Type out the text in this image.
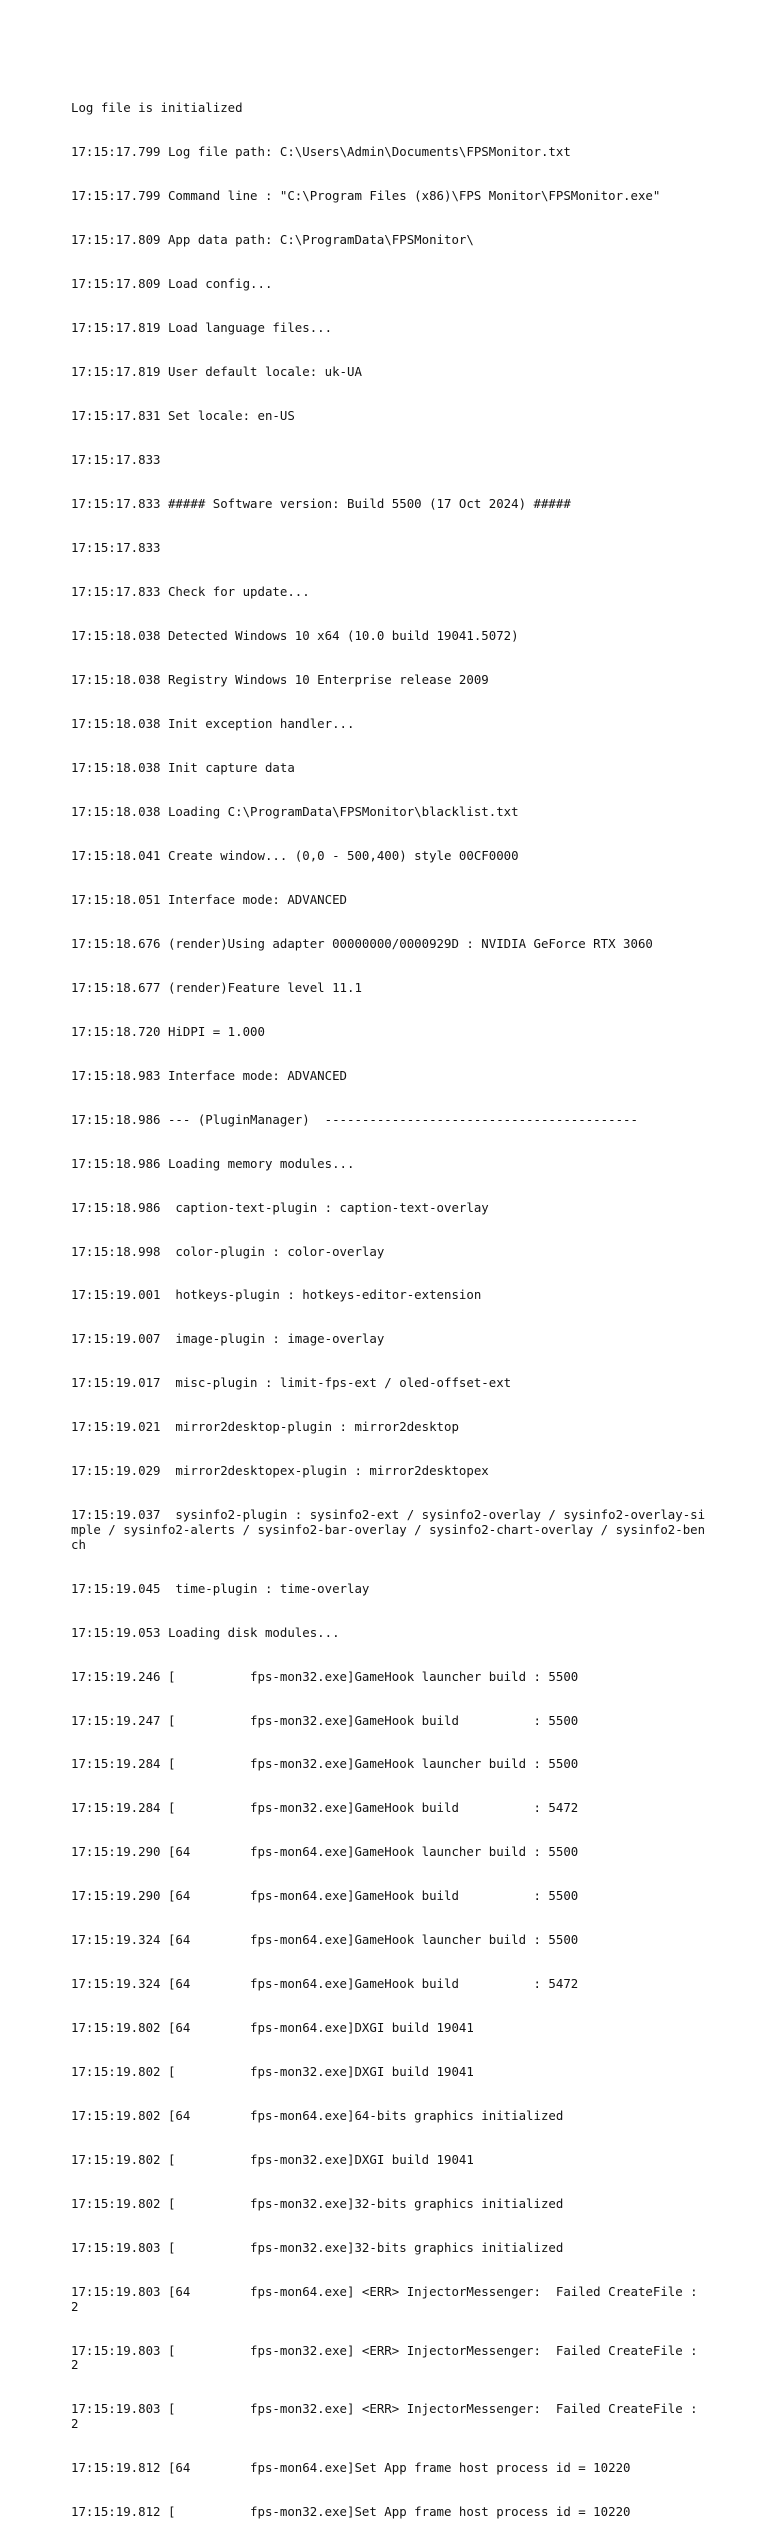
Log file is initialized

17:15:17.799 Log file path: C:\Users\Admin\Documents\FPSMonitor.txt

17:15:17.799 Command line : "C:\Program Files (x86)\FPS Monitor\FPSMonitor.exe"

17:15:17.809 App data path: C:\ProgramData\FPSMonitor\

17:15:17.809 Load config...

17:15:17.819 Load language files...

17:15:17.819 User default locale: uk-UA

17:15:17.831 Set locale: en-US

17:15:17.833

17:15:17.833 ##### Software version: Build 5500 (17 Oct 2024) #####

17:15:17.833

17:15:17.833 Check for update...

17:15:18.038 Detected Windows 10 x64 (10.0 build 19041.5072)

17:15:18.038 Registry Windows 10 Enterprise release 2009

17:15:18.038 Init exception handler...

17:15:18.038 Init capture data

17:15:18.038 Loading C:\ProgramData\FPSMonitor\blacklist.txt

17:15:18.041 Create window... (0,0 - 500,400) style 00CF0000

17:15:18.051 Interface mode: ADVANCED

17:15:18.676 (render)Using adapter 00000000/0000929D : NVIDIA GeForce RTX 3060

17:15:18.677 (render)Feature level 11.1

17:15:18.720 HiDPI = 1.000

17:15:18.983 Interface mode: ADVANCED

17:15:18.986 --- (PluginManager)  ------------------------------------------

17:15:18.986 Loading memory modules...

17:15:18.986  caption-text-plugin : caption-text-overlay

17:15:18.998  color-plugin : color-overlay

17:15:19.001  hotkeys-plugin : hotkeys-editor-extension

17:15:19.007  image-plugin : image-overlay

17:15:19.017  misc-plugin : limit-fps-ext / oled-offset-ext

17:15:19.021  mirror2desktop-plugin : mirror2desktop

17:15:19.029  mirror2desktopex-plugin : mirror2desktopex

17:15:19.037  sysinfo2-plugin : sysinfo2-ext / sysinfo2-overlay / sysinfo2-overlay-simple / sysinfo2-alerts / sysinfo2-bar-overlay / sysinfo2-chart-overlay / sysinfo2-bench

17:15:19.045  time-plugin : time-overlay

17:15:19.053 Loading disk modules...

17:15:19.246 [          fps-mon32.exe]GameHook launcher build : 5500

17:15:19.247 [          fps-mon32.exe]GameHook build          : 5500

17:15:19.284 [          fps-mon32.exe]GameHook launcher build : 5500

17:15:19.284 [          fps-mon32.exe]GameHook build          : 5472

17:15:19.290 [64        fps-mon64.exe]GameHook launcher build : 5500

17:15:19.290 [64        fps-mon64.exe]GameHook build          : 5500

17:15:19.324 [64        fps-mon64.exe]GameHook launcher build : 5500

17:15:19.324 [64        fps-mon64.exe]GameHook build          : 5472

17:15:19.802 [64        fps-mon64.exe]DXGI build 19041

17:15:19.802 [          fps-mon32.exe]DXGI build 19041

17:15:19.802 [64        fps-mon64.exe]64-bits graphics initialized

17:15:19.802 [          fps-mon32.exe]DXGI build 19041

17:15:19.802 [          fps-mon32.exe]32-bits graphics initialized

17:15:19.803 [          fps-mon32.exe]32-bits graphics initialized

17:15:19.803 [64        fps-mon64.exe] <ERR> InjectorMessenger:  Failed CreateFile : 2

17:15:19.803 [          fps-mon32.exe] <ERR> InjectorMessenger:  Failed CreateFile : 2

17:15:19.803 [          fps-mon32.exe] <ERR> InjectorMessenger:  Failed CreateFile : 2

17:15:19.812 [64        fps-mon64.exe]Set App frame host process id = 10220

17:15:19.812 [          fps-mon32.exe]Set App frame host process id = 10220
